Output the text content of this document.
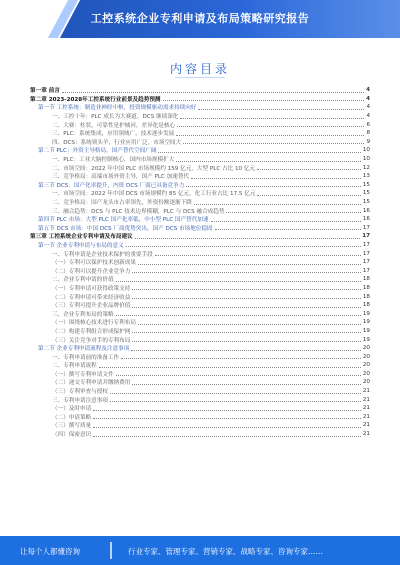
工控系统企业专利申请及布局策略研究报告
内容目录
第一章 前言	4
第二章 2023-2028年工控系统行业前景及趋势预测	4
第一节 工控系统：制造业神经中枢，投资规模驱动需求持续向好	4
一、工控十年：PLC 成长为大赛道，DCS 继续深化	4
二、大赛：柱状，可靠性是护城河，差异化是核心	6
三、PLC：系统集成，应用领域广，技术逐步发展	8
四、DCS：系统领头羊，行业应用广泛，市场空间大	9
第二节 PLC：外资主导格局，国产替代空间广阔	10
一、PLC：工业大脑控制核心，国内市场规模扩大	10
二、市场空间：2022 年中国 PLC 市场规模约 159 亿元，大型 PLC 占比 10 亿元	12
三、竞争格局：高端市场外资主导，国产 PLC 加速替代	13
第三节 DCS：国产化率提升，内资 DCS 厂商已具备竞争力	15
一、市场空间：2022 年中国 DCS 市场规模约 85 亿元，化工行业占比 17.5 亿元	15
二、竞争格局：国产龙头市占率领先，外资份额逐渐下降	15
三、融合趋势：DCS 与 PLC 技术边界模糊，PLC 与 DCS 融合成趋势	16
第四节 PLC 市场：大型 PLC 国产化率低，中小型 PLC 国产替代加速	16
第五节 DCS 市场：中国 DCS 厂商优势突出，国产 DCS 市场地位稳固	17
第三章 工控系统企业专利申请及布局建议	17
第一节 企业专利申请与布局的意义	17
一、专利申请是企业技术保护的重要手段	17
（一）专利可以保护技术创新成果	17
（二）专利可以提升企业竞争力	17
二、企业专利申请的价值	18
（一）专利申请可获得政策支持	18
（二）专利申请可带来经济收益	18
（三）专利可提升企业品牌价值	18
三、企业专利布局的策略	19
（一）围绕核心技术进行专利布局	19
（二）构建专利组合形成保护网	19
（三）关注竞争对手的专利布局	19
第二节 企业专利申请流程及注意事项	20
一、专利申请前的准备工作	20
二、专利申请流程	20
（一）撰写专利申请文件	20
（二）递交专利申请并缴纳费用	20
（三）专利审查与授权	21
三、专利申请注意事项	21
（一）及时申请	21
（二）申请策略	21
（三）撰写质量	21
（四）保密意识	21
让每个人都懂咨询	行业专家、管理专家、营销专家、战略专家、咨询专家……
